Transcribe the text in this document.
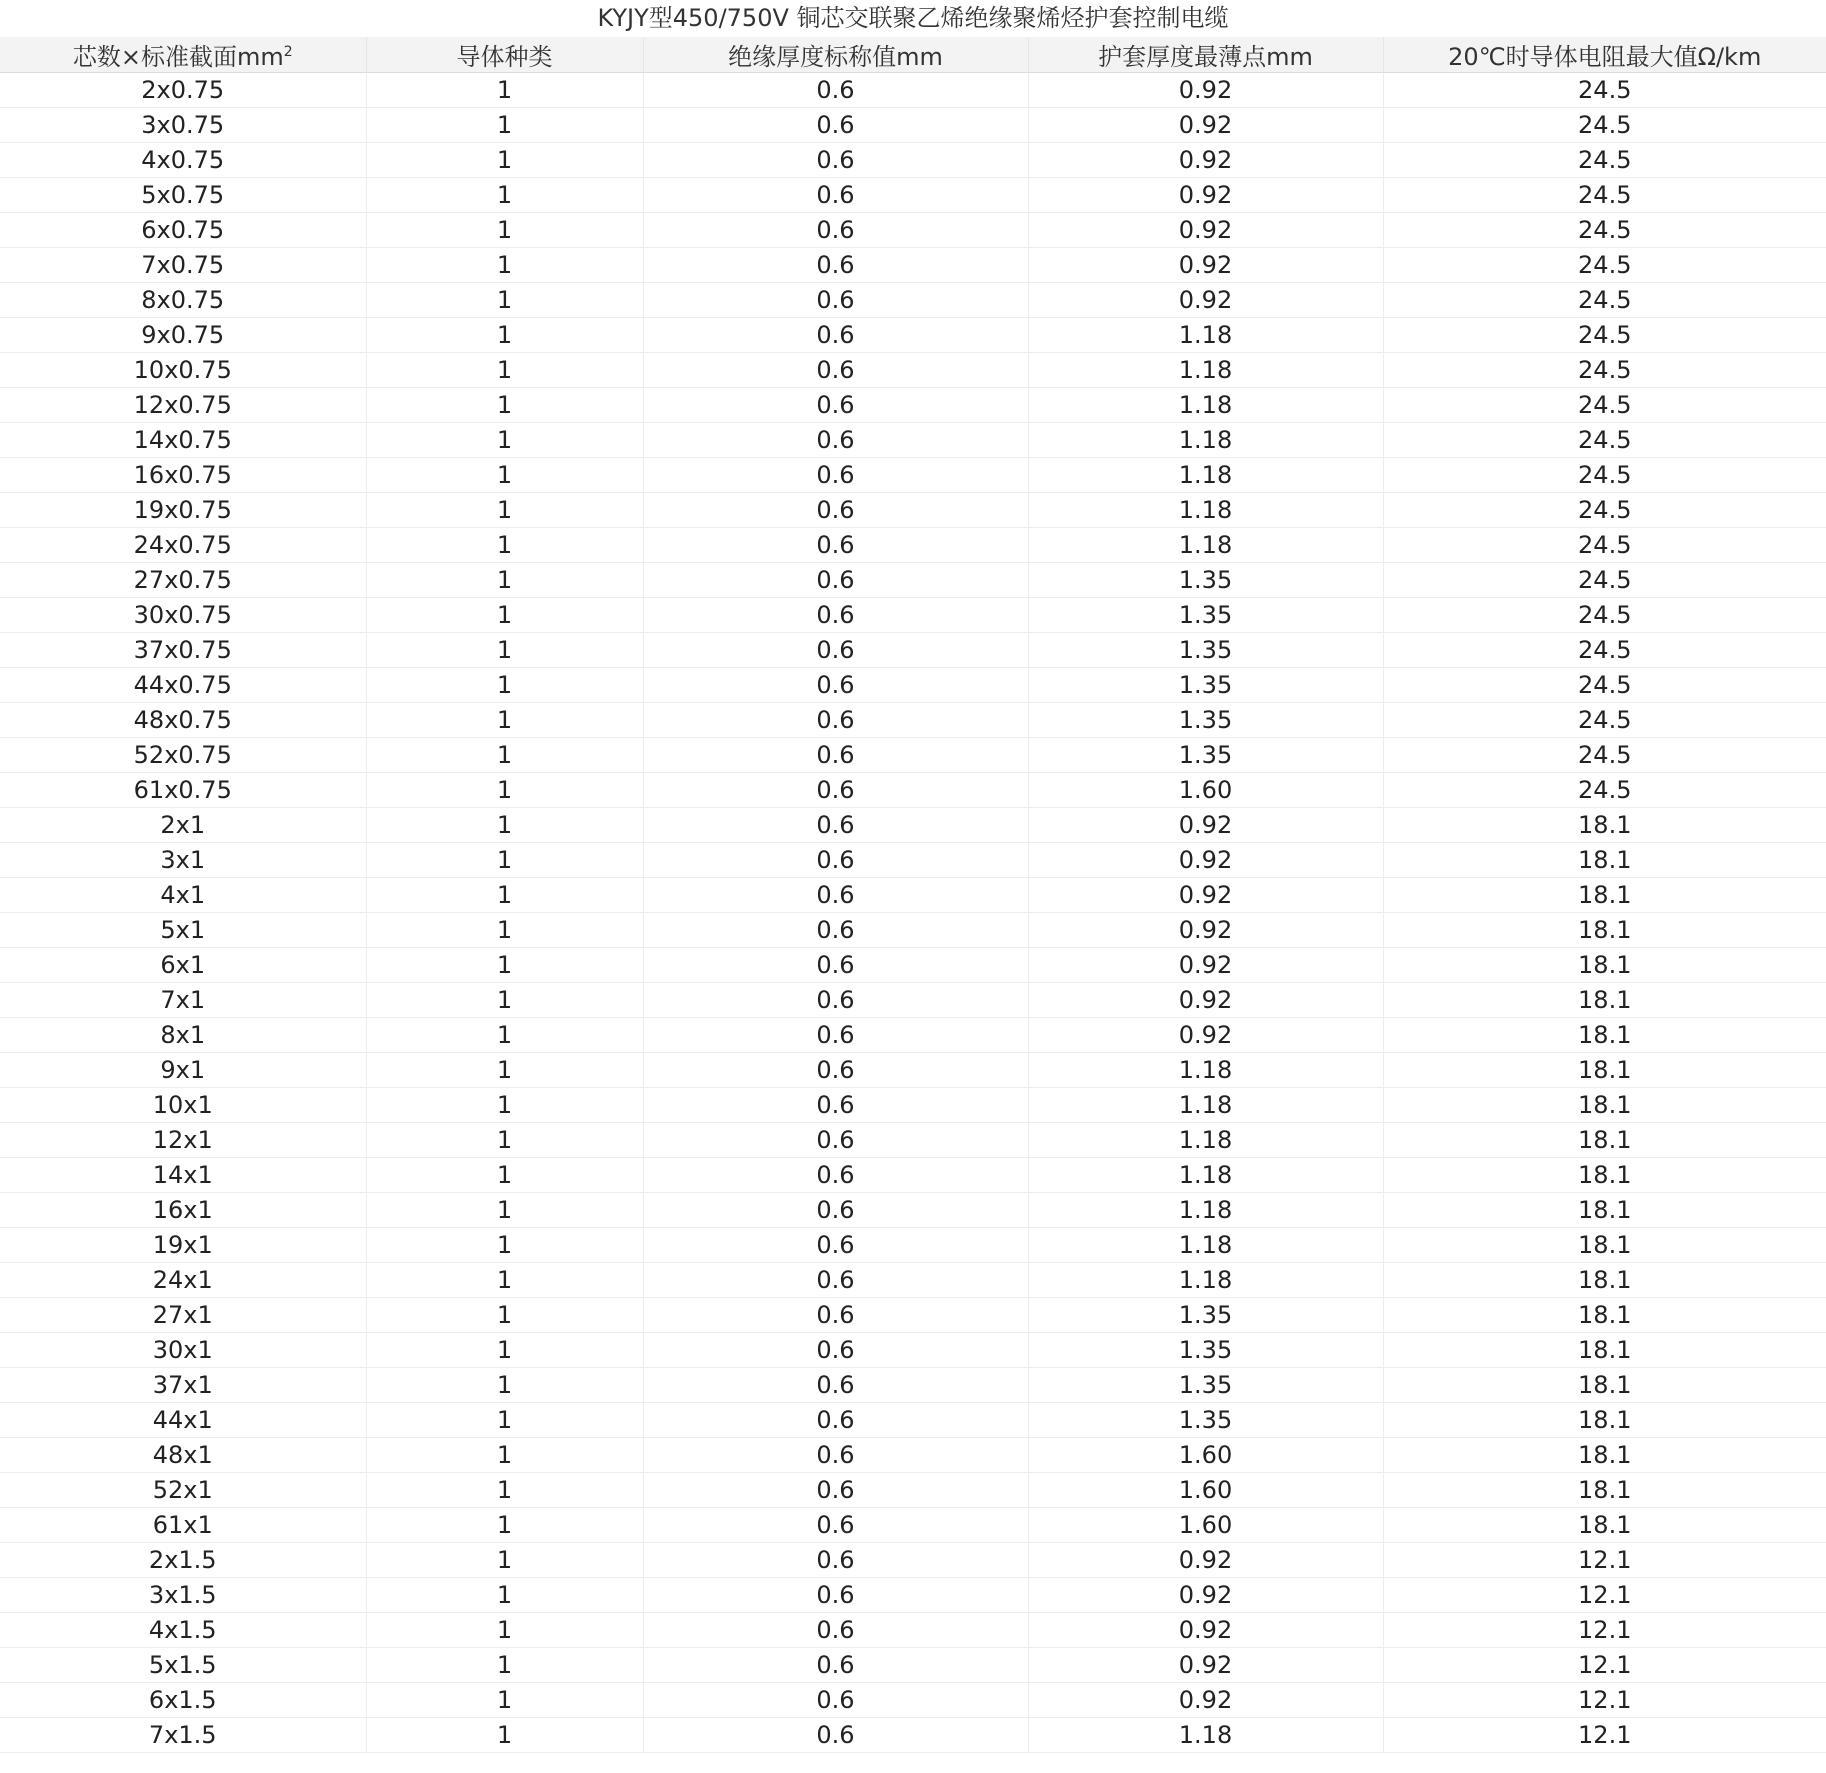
KYJY型450/750V 铜芯交联聚乙烯绝缘聚烯烃护套控制电缆
芯数×标准截面$mm^2$	导体种类	绝缘厚度标称值mm	护套厚度最薄点mm	20℃时导体电阻最大值Ω/km
2x0.75	1	0.6	0.92	24.5
3x0.75	1	0.6	0.92	24.5
4x0.75	1	0.6	0.92	24.5
5x0.75	1	0.6	0.92	24.5
6x0.75	1	0.6	0.92	24.5
7x0.75	1	0.6	0.92	24.5
8x0.75	1	0.6	0.92	24.5
9x0.75	1	0.6	1.18	24.5
10x0.75	1	0.6	1.18	24.5
12x0.75	1	0.6	1.18	24.5
14x0.75	1	0.6	1.18	24.5
16x0.75	1	0.6	1.18	24.5
19x0.75	1	0.6	1.18	24.5
24x0.75	1	0.6	1.18	24.5
27x0.75	1	0.6	1.35	24.5
30x0.75	1	0.6	1.35	24.5
37x0.75	1	0.6	1.35	24.5
44x0.75	1	0.6	1.35	24.5
48x0.75	1	0.6	1.35	24.5
52x0.75	1	0.6	1.35	24.5
61x0.75	1	0.6	1.60	24.5
2x1	1	0.6	0.92	18.1
3x1	1	0.6	0.92	18.1
4x1	1	0.6	0.92	18.1
5x1	1	0.6	0.92	18.1
6x1	1	0.6	0.92	18.1
7x1	1	0.6	0.92	18.1
8x1	1	0.6	0.92	18.1
9x1	1	0.6	1.18	18.1
10x1	1	0.6	1.18	18.1
12x1	1	0.6	1.18	18.1
14x1	1	0.6	1.18	18.1
16x1	1	0.6	1.18	18.1
19x1	1	0.6	1.18	18.1
24x1	1	0.6	1.18	18.1
27x1	1	0.6	1.35	18.1
30x1	1	0.6	1.35	18.1
37x1	1	0.6	1.35	18.1
44x1	1	0.6	1.35	18.1
48x1	1	0.6	1.60	18.1
52x1	1	0.6	1.60	18.1
61x1	1	0.6	1.60	18.1
2x1.5	1	0.6	0.92	12.1
3x1.5	1	0.6	0.92	12.1
4x1.5	1	0.6	0.92	12.1
5x1.5	1	0.6	0.92	12.1
6x1.5	1	0.6	0.92	12.1
7x1.5	1	0.6	1.18	12.1
